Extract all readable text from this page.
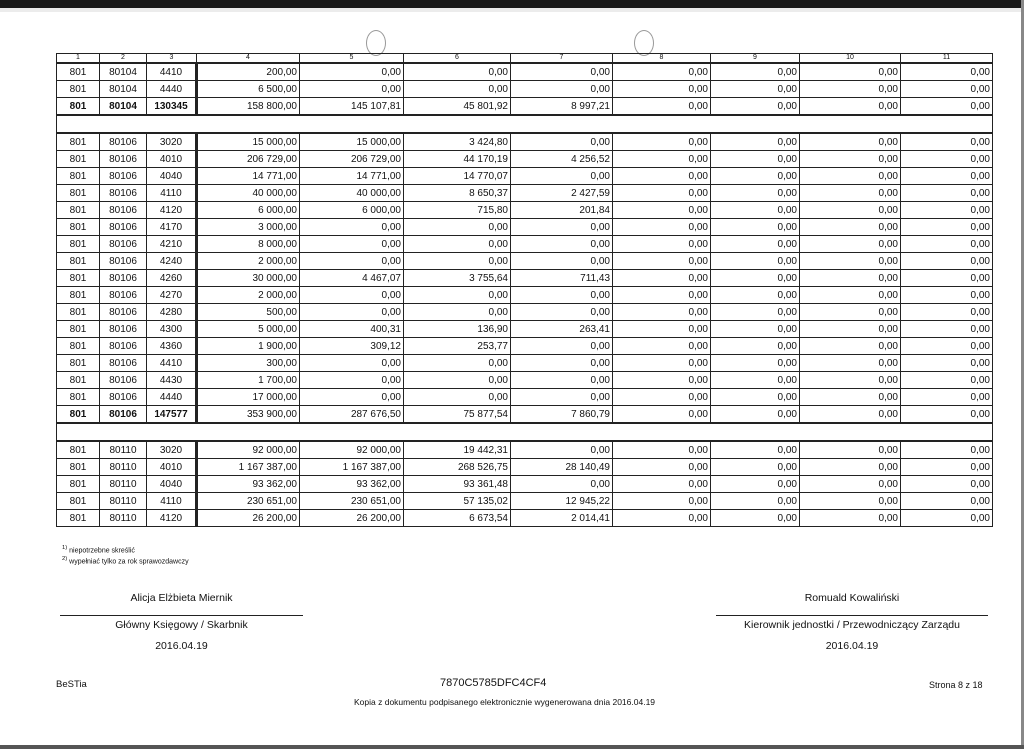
1	2	3	4	5	6	7	8	9	10	11
801	80104	4410	200,00	0,00	0,00	0,00	0,00	0,00	0,00	0,00
801	80104	4440	6 500,00	0,00	0,00	0,00	0,00	0,00	0,00	0,00
801	80104	130345	158 800,00	145 107,81	45 801,92	8 997,21	0,00	0,00	0,00	0,00

801	80106	3020	15 000,00	15 000,00	3 424,80	0,00	0,00	0,00	0,00	0,00
801	80106	4010	206 729,00	206 729,00	44 170,19	4 256,52	0,00	0,00	0,00	0,00
801	80106	4040	14 771,00	14 771,00	14 770,07	0,00	0,00	0,00	0,00	0,00
801	80106	4110	40 000,00	40 000,00	8 650,37	2 427,59	0,00	0,00	0,00	0,00
801	80106	4120	6 000,00	6 000,00	715,80	201,84	0,00	0,00	0,00	0,00
801	80106	4170	3 000,00	0,00	0,00	0,00	0,00	0,00	0,00	0,00
801	80106	4210	8 000,00	0,00	0,00	0,00	0,00	0,00	0,00	0,00
801	80106	4240	2 000,00	0,00	0,00	0,00	0,00	0,00	0,00	0,00
801	80106	4260	30 000,00	4 467,07	3 755,64	711,43	0,00	0,00	0,00	0,00
801	80106	4270	2 000,00	0,00	0,00	0,00	0,00	0,00	0,00	0,00
801	80106	4280	500,00	0,00	0,00	0,00	0,00	0,00	0,00	0,00
801	80106	4300	5 000,00	400,31	136,90	263,41	0,00	0,00	0,00	0,00
801	80106	4360	1 900,00	309,12	253,77	0,00	0,00	0,00	0,00	0,00
801	80106	4410	300,00	0,00	0,00	0,00	0,00	0,00	0,00	0,00
801	80106	4430	1 700,00	0,00	0,00	0,00	0,00	0,00	0,00	0,00
801	80106	4440	17 000,00	0,00	0,00	0,00	0,00	0,00	0,00	0,00
801	80106	147577	353 900,00	287 676,50	75 877,54	7 860,79	0,00	0,00	0,00	0,00

801	80110	3020	92 000,00	92 000,00	19 442,31	0,00	0,00	0,00	0,00	0,00
801	80110	4010	1 167 387,00	1 167 387,00	268 526,75	28 140,49	0,00	0,00	0,00	0,00
801	80110	4040	93 362,00	93 362,00	93 361,48	0,00	0,00	0,00	0,00	0,00
801	80110	4110	230 651,00	230 651,00	57 135,02	12 945,22	0,00	0,00	0,00	0,00
801	80110	4120	26 200,00	26 200,00	6 673,54	2 014,41	0,00	0,00	0,00	0,00
$^{1)}$ niepotrzebne skreślić
$^{2)}$ wypełniać tylko za rok sprawozdawczy
Alicja Elżbieta Miernik
Główny Księgowy / Skarbnik
2016.04.19
Romuald Kowaliński
Kierownik jednostki / Przewodniczący Zarządu
2016.04.19
BeSTia	7870C5785DFC4CF4
Kopia z dokumentu podpisanego elektronicznie wygenerowana dnia 2016.04.19
Strona 8 z 18
